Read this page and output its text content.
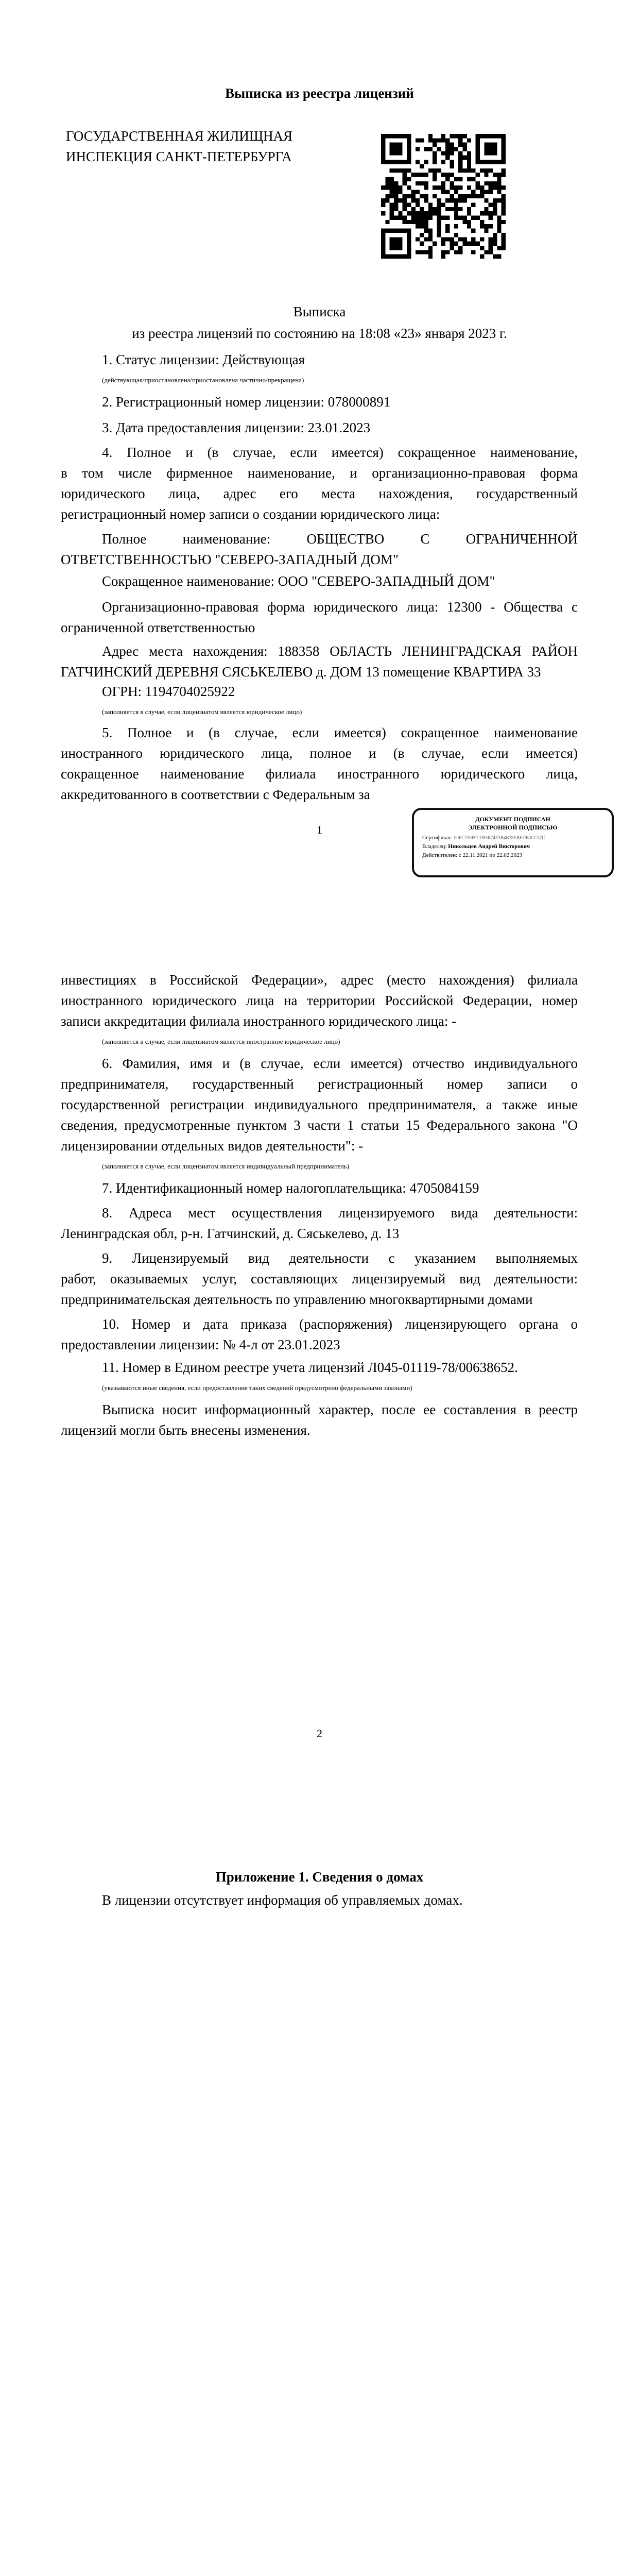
Выписка из реестра лицензий
ГОСУДАРСТВЕННАЯ ЖИЛИЩНАЯ
ИНСПЕКЦИЯ САНКТ-ПЕТЕРБУРГА
Выписка
из реестра лицензий по состоянию на 18:08 «23» января 2023 г.
1. Статус лицензии: Действующая
(действующая/приостановлена/приостановлена частично/прекращена)
2. Регистрационный номер лицензии: 078000891
3. Дата предоставления лицензии: 23.01.2023
4. Полное и (в случае, если имеется) сокращенное наименование,
в том числе фирменное наименование, и организационно-правовая форма
юридического лица, адрес его места нахождения, государственный
регистрационный номер записи о создании юридического лица:
Полное наименование: ОБЩЕСТВО С ОГРАНИЧЕННОЙ
ОТВЕТСТВЕННОСТЬЮ "СЕВЕРО-ЗАПАДНЫЙ ДОМ"
Сокращенное наименование: ООО "СЕВЕРО-ЗАПАДНЫЙ ДОМ"
Организационно-правовая форма юридического лица: 12300 - Общества с
ограниченной ответственностью
Адрес места нахождения: 188358 ОБЛАСТЬ ЛЕНИНГРАДСКАЯ РАЙОН
ГАТЧИНСКИЙ ДЕРЕВНЯ СЯСЬКЕЛЕВО д. ДОМ 13 помещение КВАРТИРА 33
ОГРН: 1194704025922
(заполняется в случае, если лицензиатом является юридическое лицо)
5. Полное и (в случае, если имеется) сокращенное наименование
иностранного юридического лица, полное и (в случае, если имеется)
сокращенное наименование филиала иностранного юридического лица,
аккредитованного в соответствии с Федеральным за
1
ДОКУМЕНТ ПОДПИСАН
ЭЛЕКТРОННОЙ ПОДПИСЬЮ
Сертификат: 00EC730F9CD85B74E3B4B78EBEDB2CC57C
Владелец: Никольцев Андрей Викторович
Действителен: с 22.11.2021 по 22.02.2023
инвестициях в Российской Федерации», адрес (место нахождения) филиала
иностранного юридического лица на территории Российской Федерации, номер
записи аккредитации филиала иностранного юридического лица: -
(заполняется в случае, если лицензиатом является иностранное юридическое лицо)
6. Фамилия, имя и (в случае, если имеется) отчество индивидуального
предпринимателя, государственный регистрационный номер записи о
государственной регистрации индивидуального предпринимателя, а также иные
сведения, предусмотренные пунктом 3 части 1 статьи 15 Федерального закона "О
лицензировании отдельных видов деятельности": -
(заполняется в случае, если лицензиатом является индивидуальный предприниматель)
7. Идентификационный номер налогоплательщика: 4705084159
8. Адреса мест осуществления лицензируемого вида деятельности:
Ленинградская обл, р-н. Гатчинский, д. Сяськелево, д. 13
9. Лицензируемый вид деятельности с указанием выполняемых
работ, оказываемых услуг, составляющих лицензируемый вид деятельности:
предпринимательская деятельность по управлению многоквартирными домами
10. Номер и дата приказа (распоряжения) лицензирующего органа о
предоставлении лицензии: № 4-л от 23.01.2023
11. Номер в Едином реестре учета лицензий Л045-01119-78/00638652.
(указываются иные сведения, если предоставление таких сведений предусмотрено федеральными законами)
Выписка носит информационный характер, после ее составления в реестр
лицензий могли быть внесены изменения.
2
Приложение 1. Сведения о домах
В лицензии отсутствует информация об управляемых домах.
